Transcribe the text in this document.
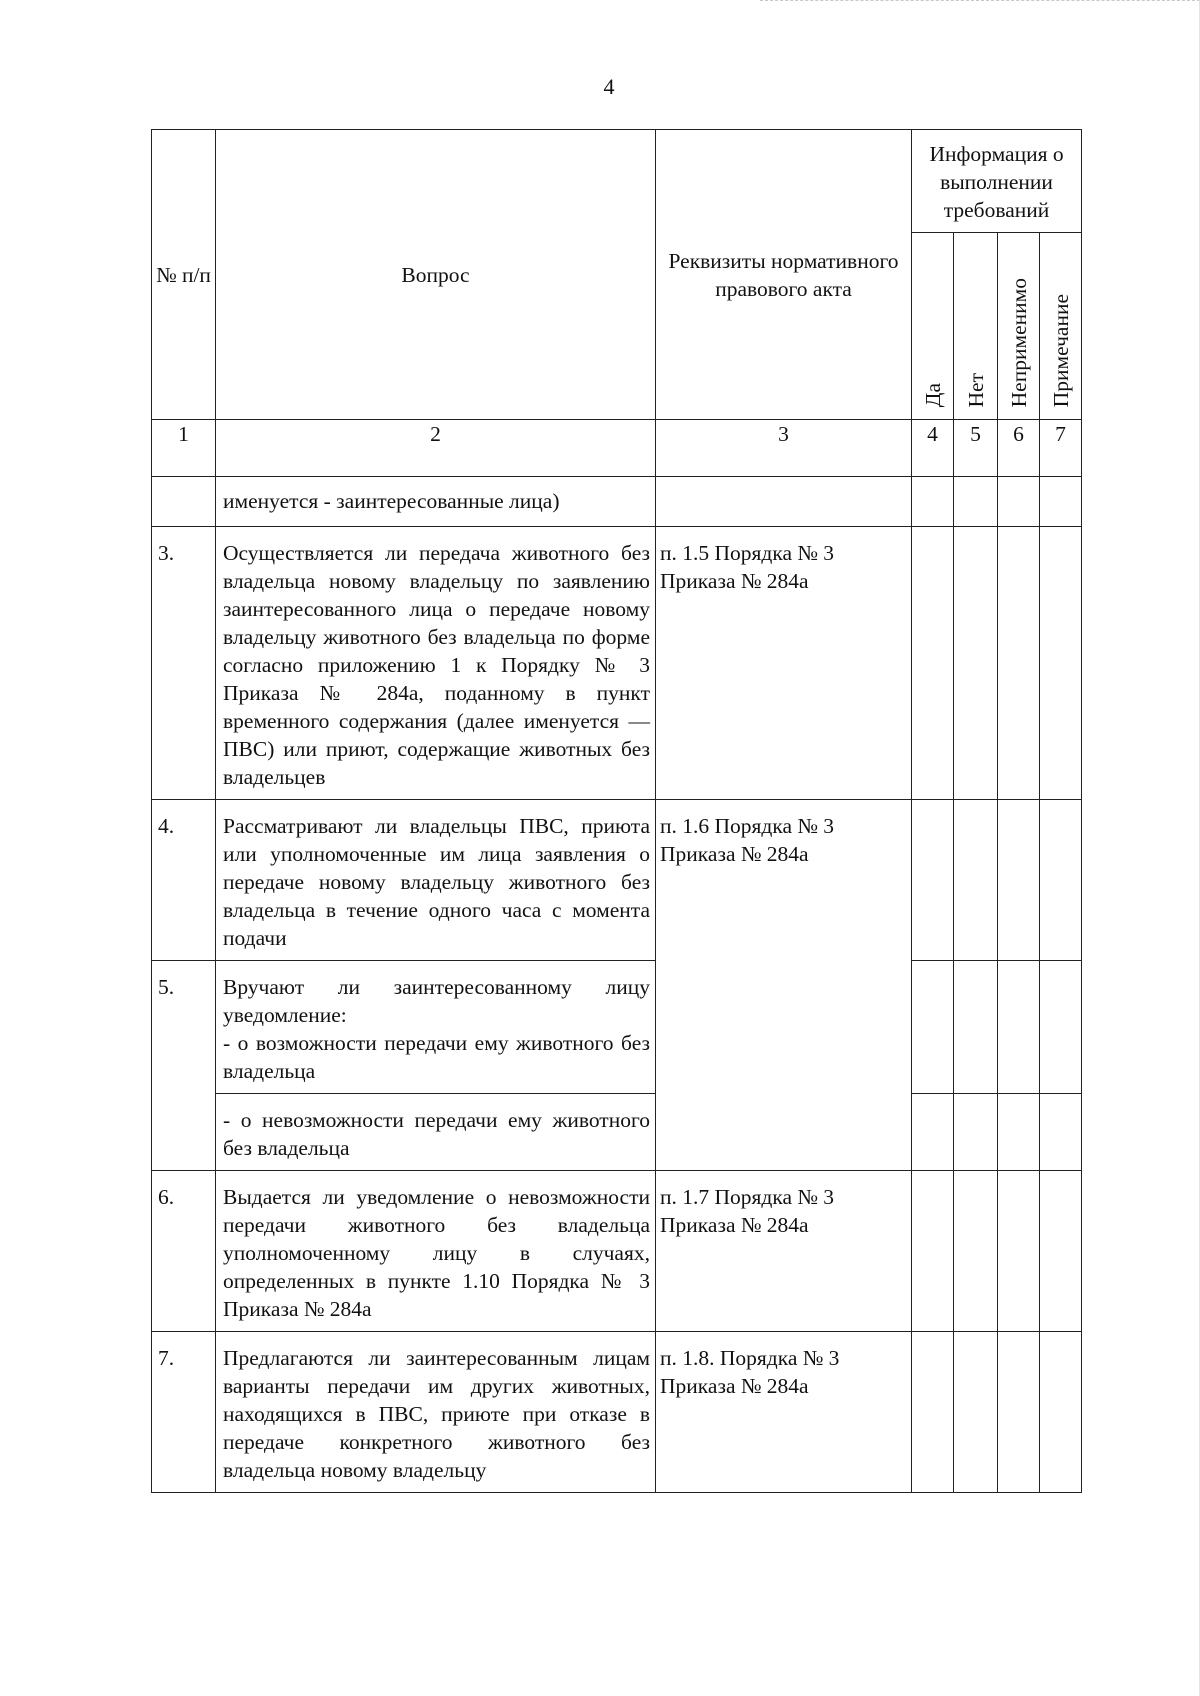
4
№ п/п	Вопрос	Реквизиты нормативного правового акта	Информация о выполнении требований			

			Да	Нет	Неприменимо	Примечание

1	2	3	4	5	6	7
	именуется - заинтересованные лица)					
3.	Осуществляется ли передача животного без владельца новому владельцу по заявлению заинтересованного лица о передаче новому владельцу животного без владельца по форме согласно приложению 1 к Порядку № 3 Приказа № 284а, поданному в пункт временного содержания (далее именуется — ПВС) или приют, содержащие животных без владельцев	п. 1.5 Порядка № 3 Приказа № 284а				
4.	Рассматривают ли владельцы ПВС, приюта или уполномоченные им лица заявления о передаче новому владельцу животного без владельца в течение одного часа с момента подачи	п. 1.6 Порядка № 3 Приказа № 284а				
5.	Вручают ли заинтересованному лицу уведомление:
- о возможности передачи ему животного без владельца					

	- о невозможности передачи ему животного без владельца					
6.	Выдается ли уведомление о невозможности передачи животного без владельца уполномоченному лицу в случаях, определенных в пункте 1.10 Порядка № 3 Приказа № 284а	п. 1.7 Порядка № 3 Приказа № 284а				
7.	Предлагаются ли заинтересованным лицам варианты передачи им других животных, находящихся в ПВС, приюте при отказе в передаче конкретного животного без владельца новому владельцу	п. 1.8. Порядка № 3 Приказа № 284а				
